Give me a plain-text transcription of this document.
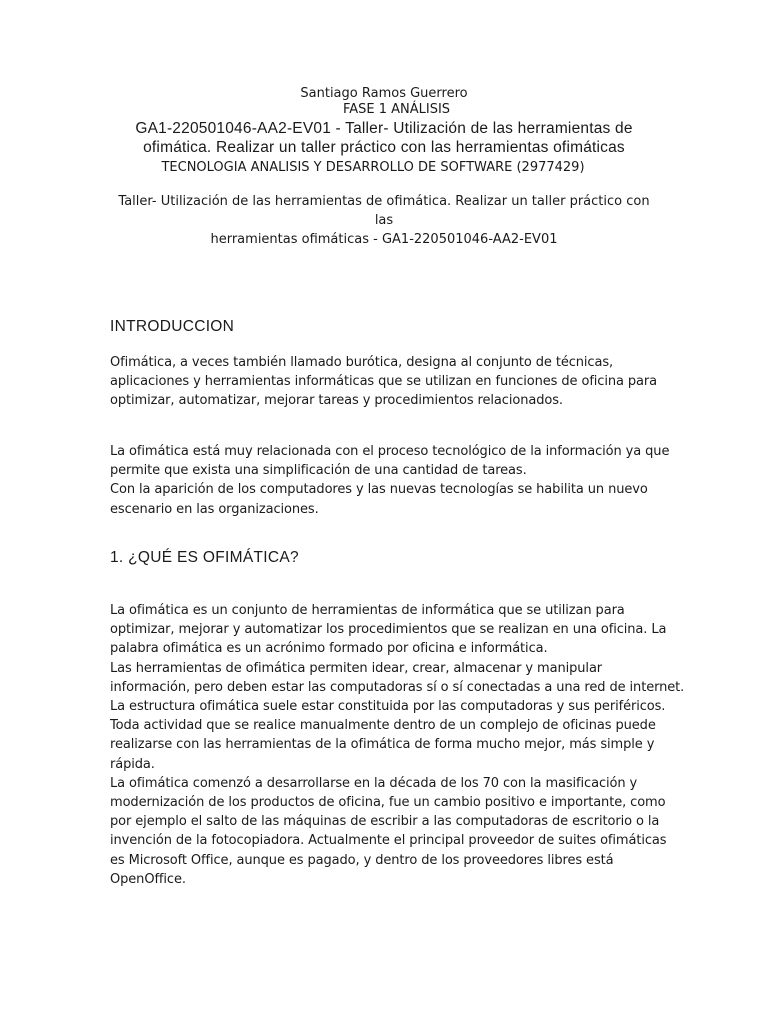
Santiago Ramos Guerrero
FASE 1 ANÁLISIS
GA1-220501046-AA2-EV01 - Taller- Utilización de las herramientas de
ofimática. Realizar un taller práctico con las herramientas ofimáticas
TECNOLOGIA ANALISIS Y DESARROLLO DE SOFTWARE (2977429)
Taller- Utilización de las herramientas de ofimática. Realizar un taller práctico con las
herramientas ofimáticas - GA1-220501046-AA2-EV01
INTRODUCCION
Ofimática, a veces también llamado burótica, designa al conjunto de técnicas,
aplicaciones y herramientas informáticas que se utilizan en funciones de oficina para
optimizar, automatizar, mejorar tareas y procedimientos relacionados.
La ofimática está muy relacionada con el proceso tecnológico de la información ya que
permite que exista una simplificación de una cantidad de tareas.
Con la aparición de los computadores y las nuevas tecnologías se habilita un nuevo
escenario en las organizaciones.
1. ¿QUÉ ES OFIMÁTICA?
La ofimática es un conjunto de herramientas de informática que se utilizan para
optimizar, mejorar y automatizar los procedimientos que se realizan en una oficina. La
palabra ofimática es un acrónimo formado por oficina e informática.
Las herramientas de ofimática permiten idear, crear, almacenar y manipular
información, pero deben estar las computadoras sí o sí conectadas a una red de internet.
La estructura ofimática suele estar constituida por las computadoras y sus periféricos.
Toda actividad que se realice manualmente dentro de un complejo de oficinas puede
realizarse con las herramientas de la ofimática de forma mucho mejor, más simple y
rápida.
La ofimática comenzó a desarrollarse en la década de los 70 con la masificación y
modernización de los productos de oficina, fue un cambio positivo e importante, como
por ejemplo el salto de las máquinas de escribir a las computadoras de escritorio o la
invención de la fotocopiadora. Actualmente el principal proveedor de suites ofimáticas
es Microsoft Office, aunque es pagado, y dentro de los proveedores libres está
OpenOffice.
